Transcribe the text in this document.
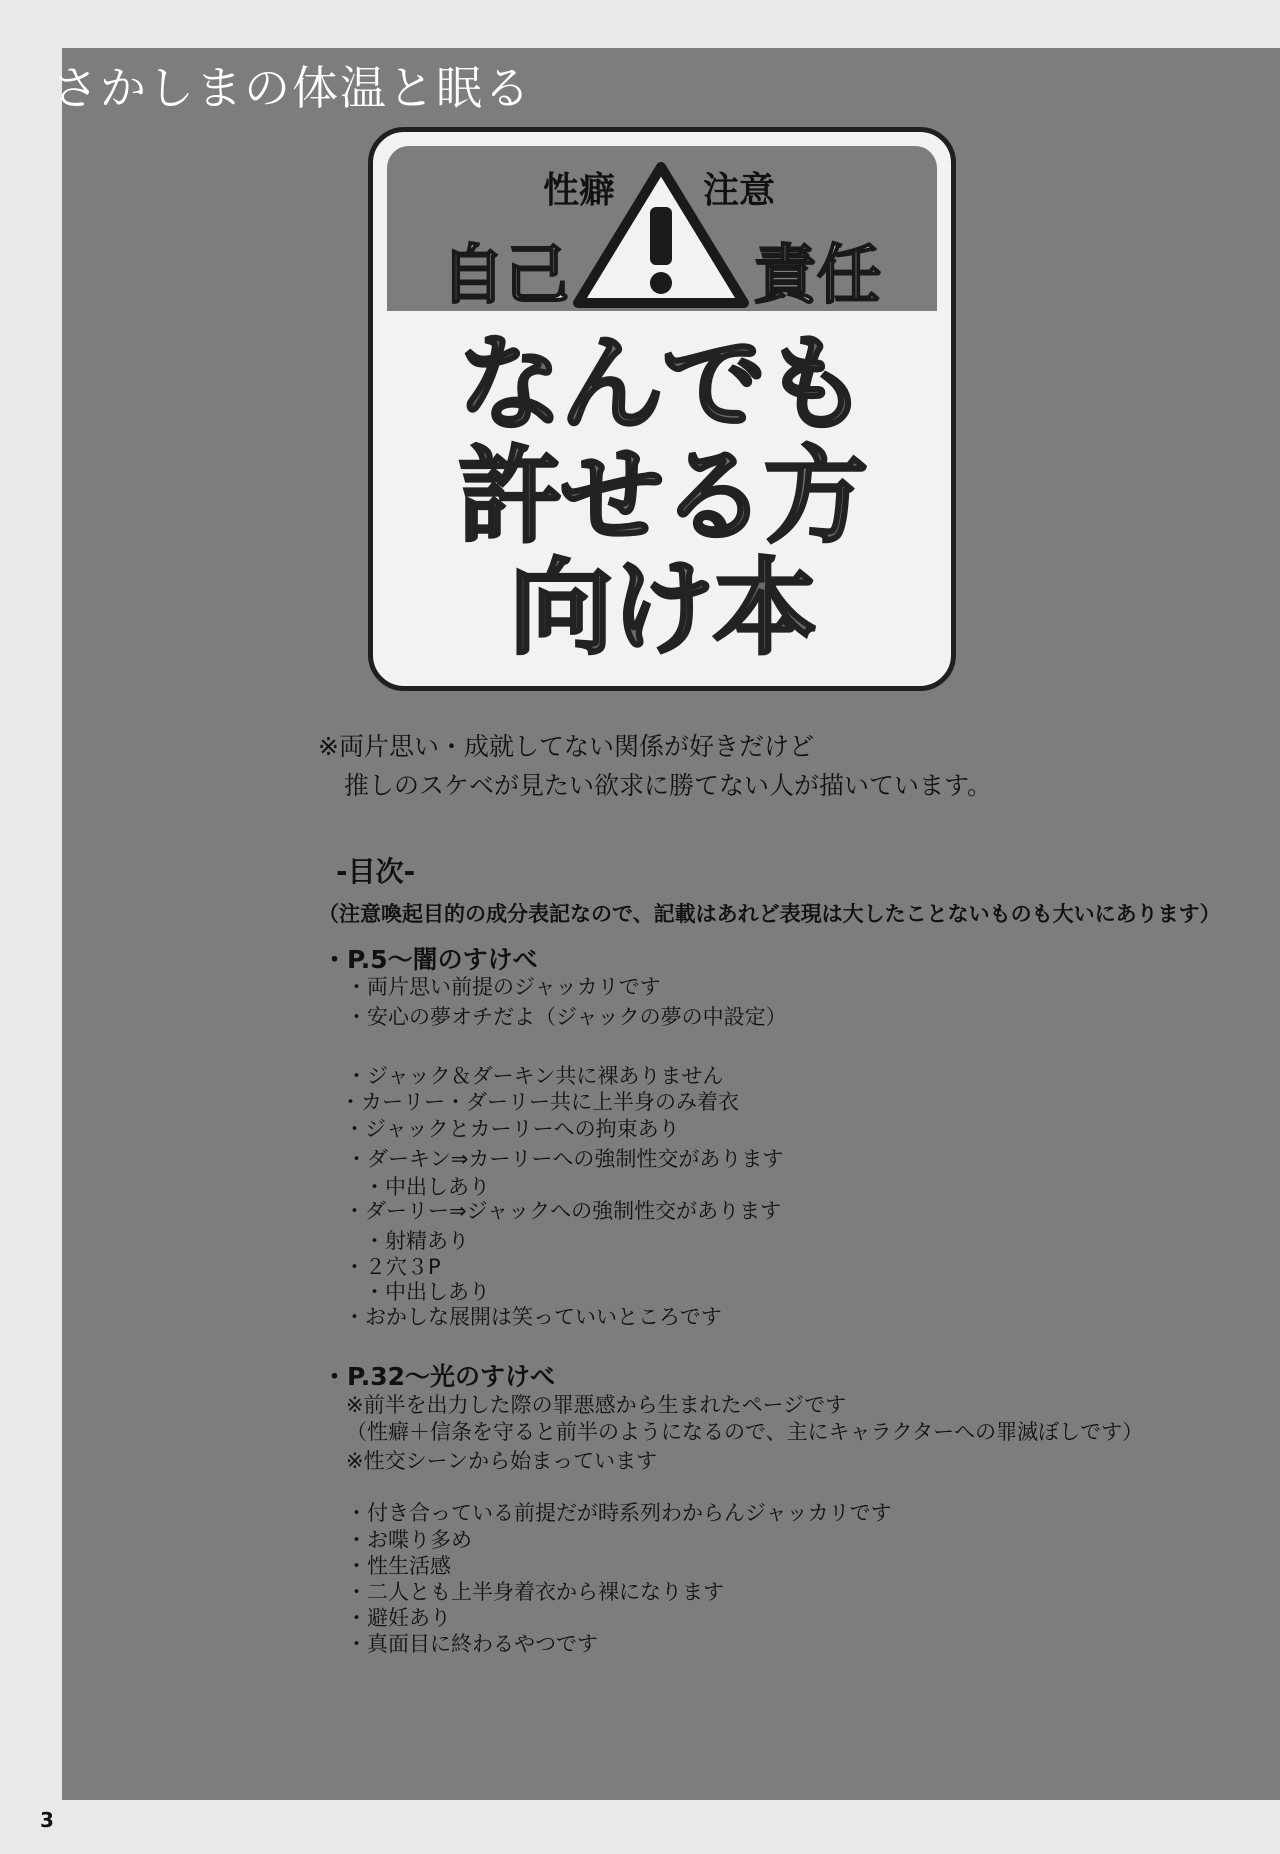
さかしまの体温と眠る
性癖 注意
自己	責任
なんでも
許せる方
向け本
※両片思い・成就してない関係が好きだけど
推しのスケベが見たい欲求に勝てない人が描いています。
-目次-
（注意喚起目的の成分表記なので、記載はあれど表現は大したことないものも大いにあります）
・P.5〜闇のすけべ
・両片思い前提のジャッカリです
・安心の夢オチだよ（ジャックの夢の中設定）
・ジャック＆ダーキン共に裸ありません
・カーリー・ダーリー共に上半身のみ着衣
・ジャックとカーリーへの拘束あり
・ダーキン⇒カーリーへの強制性交があります
・中出しあり
・ダーリー⇒ジャックへの強制性交があります
・射精あり
・２穴３P
・中出しあり
・おかしな展開は笑っていいところです
・P.32〜光のすけべ
※前半を出力した際の罪悪感から生まれたページです
（性癖＋信条を守ると前半のようになるので、主にキャラクターへの罪滅ぼしです）
※性交シーンから始まっています
・付き合っている前提だが時系列わからんジャッカリです
・お喋り多め
・性生活感
・二人とも上半身着衣から裸になります
・避妊あり
・真面目に終わるやつです
3
